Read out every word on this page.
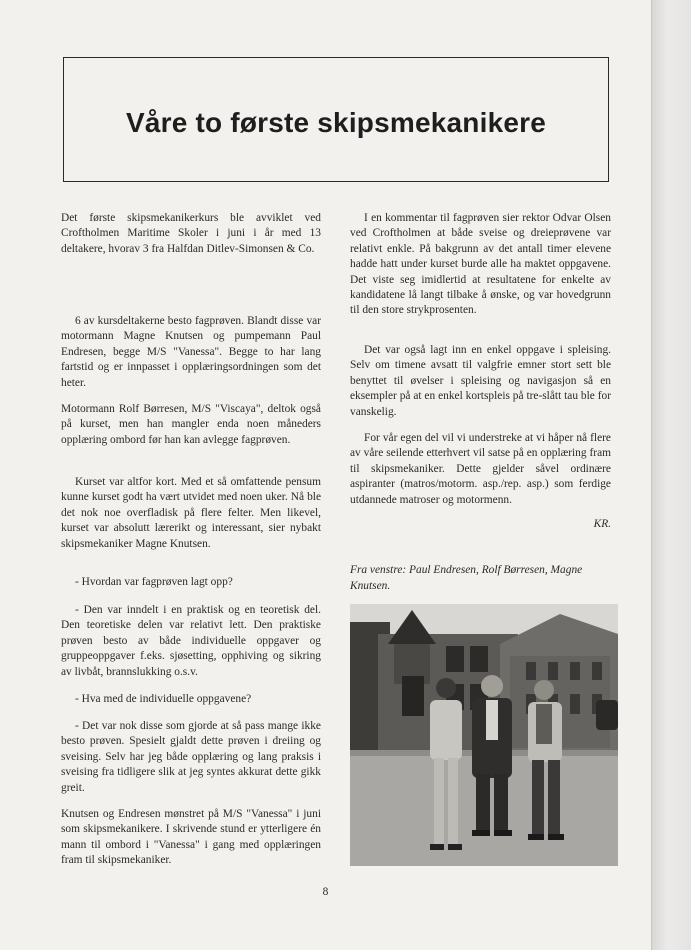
Våre to første skipsmekanikere

Det første skipsmekanikerkurs ble avviklet ved Croftholmen Maritime Skoler i juni i år med 13 deltakere, hvorav 3 fra Halfdan Ditlev-Simonsen & Co.

6 av kursdeltakerne besto fagprøven. Blandt disse var motormann Magne Knutsen og pumpemann Paul Endresen, begge M/S "Vanessa". Begge to har lang fartstid og er innpasset i opplæringsordningen som det heter.

Motormann Rolf Børresen, M/S "Viscaya", deltok også på kurset, men han mangler enda noen måneders opplæring ombord før han kan avlegge fagprøven.

Kurset var altfor kort. Med et så omfattende pensum kunne kurset godt ha vært utvidet med noen uker. Nå ble det nok noe overfladisk på flere felter. Men likevel, kurset var absolutt lærerikt og interessant, sier nybakt skipsmekaniker Magne Knutsen.

- Hvordan var fagprøven lagt opp?

- Den var inndelt i en praktisk og en teoretisk del. Den teoretiske delen var relativt lett. Den praktiske prøven besto av både individuelle oppgaver og gruppeoppgaver f.eks. sjøsetting, opphiving og sikring av livbåt, brannslukking o.s.v.

- Hva med de individuelle oppgavene?

- Det var nok disse som gjorde at så pass mange ikke besto prøven. Spesielt gjaldt dette prøven i dreiing og sveising. Selv har jeg både opplæring og lang praksis i sveising fra tidligere slik at jeg syntes akkurat dette gikk greit.

Knutsen og Endresen mønstret på M/S "Vanessa" i juni som skipsmekanikere. I skrivende stund er ytterligere én mann til ombord i "Vanessa" i gang med opplæringen fram til skipsmekaniker.

I en kommentar til fagprøven sier rektor Odvar Olsen ved Croftholmen at både sveise og dreieprøvene var relativt enkle. På bakgrunn av det antall timer elevene hadde hatt under kurset burde alle ha maktet oppgavene. Det viste seg imidlertid at resultatene for enkelte av kandidatene lå langt tilbake å ønske, og var hovedgrunn til den store strykprosenten.

Det var også lagt inn en enkel oppgave i spleising. Selv om timene avsatt til valgfrie emner stort sett ble benyttet til øvelser i spleising og navigasjon så en eksempler på at en enkel kortspleis på tre-slått tau ble for vanskelig.

For vår egen del vil vi understreke at vi håper nå flere av våre seilende etterhvert vil satse på en opplæring fram til skipsmekaniker. Dette gjelder såvel ordinære aspiranter (matros/motorm. asp./rep. asp.) som ferdige utdannede matroser og motormenn.

KR.
Fra venstre: Paul Endresen, Rolf Børresen, Magne Knutsen.
8
